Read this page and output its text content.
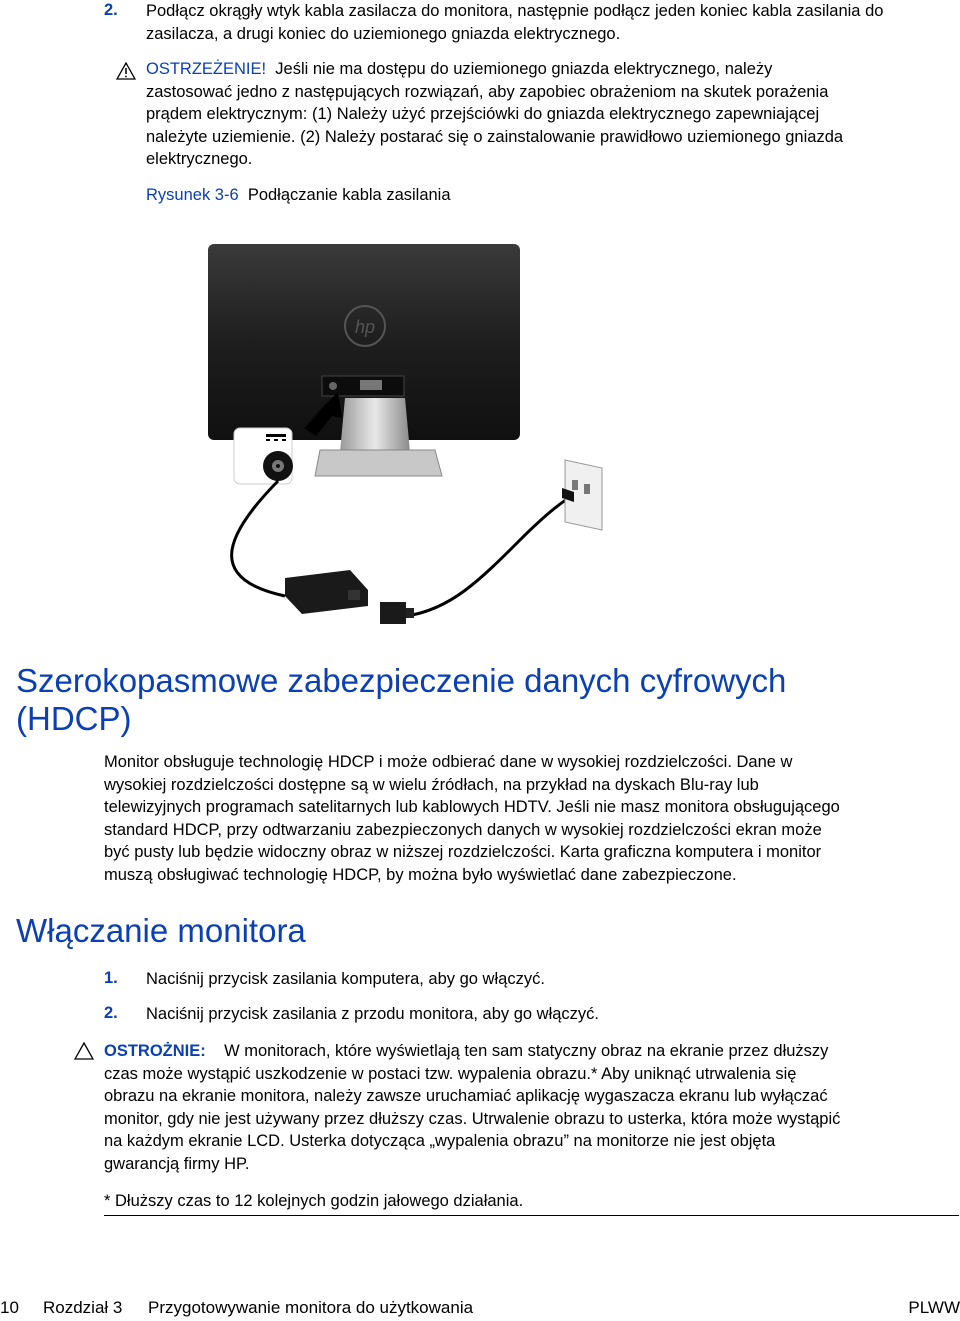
2. Podłącz okrągły wtyk kabla zasilacza do monitora, następnie podłącz jeden koniec kabla zasilania do zasilacza, a drugi koniec do uziemionego gniazda elektrycznego.
OSTRZEŻENIE! Jeśli nie ma dostępu do uziemionego gniazda elektrycznego, należy
zastosować jedno z następujących rozwiązań, aby zapobiec obrażeniom na skutek porażenia
prądem elektrycznym: (1) Należy użyć przejściówki do gniazda elektrycznego zapewniającej
należyte uziemienie. (2) Należy postarać się o zainstalowanie prawidłowo uziemionego gniazda
elektrycznego.
Rysunek 3-6 Podłączanie kabla zasilania
hp
Szerokopasmowe zabezpieczenie danych cyfrowych
(HDCP)
Monitor obsługuje technologię HDCP i może odbierać dane w wysokiej rozdzielczości. Dane w
wysokiej rozdzielczości dostępne są w wielu źródłach, na przykład na dyskach Blu-ray lub
telewizyjnych programach satelitarnych lub kablowych HDTV. Jeśli nie masz monitora obsługującego
standard HDCP, przy odtwarzaniu zabezpieczonych danych w wysokiej rozdzielczości ekran może
być pusty lub będzie widoczny obraz w niższej rozdzielczości. Karta graficzna komputera i monitor
muszą obsługiwać technologię HDCP, by można było wyświetlać dane zabezpieczone.
Włączanie monitora
1. Naciśnij przycisk zasilania komputera, aby go włączyć.
2. Naciśnij przycisk zasilania z przodu monitora, aby go włączyć.
OSTROŻNIE: W monitorach, które wyświetlają ten sam statyczny obraz na ekranie przez dłuższy
czas może wystąpić uszkodzenie w postaci tzw. wypalenia obrazu.* Aby uniknąć utrwalenia się
obrazu na ekranie monitora, należy zawsze uruchamiać aplikację wygaszacza ekranu lub wyłączać
monitor, gdy nie jest używany przez dłuższy czas. Utrwalenie obrazu to usterka, która może wystąpić
na każdym ekranie LCD. Usterka dotycząca „wypalenia obrazu” na monitorze nie jest objęta
gwarancją firmy HP.
* Dłuższy czas to 12 kolejnych godzin jałowego działania.
10 Rozdział 3 Przygotowywanie monitora do użytkowania	PLWW
